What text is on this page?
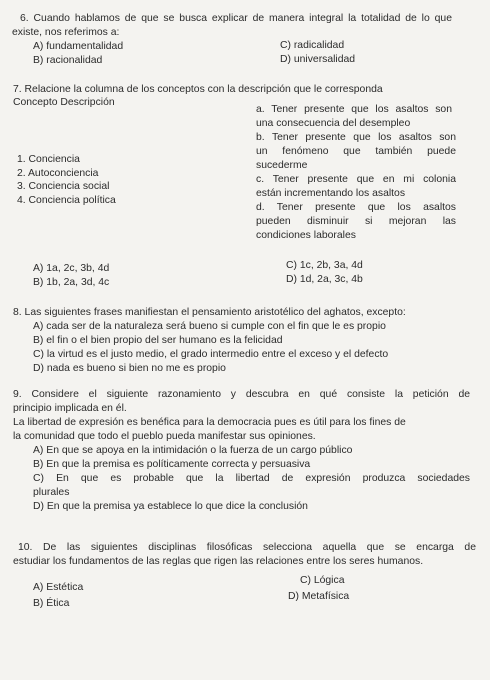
6. Cuando hablamos de que se busca explicar de manera integral la totalidad de lo que
existe, nos referimos a:
A) fundamentalidad
B) racionalidad
C) radicalidad
D) universalidad
7. Relacione la columna de los conceptos con la descripción que le corresponda
Concepto Descripción
1. Conciencia
2. Autoconciencia
3. Conciencia social
4. Conciencia política
a. Tener presente que los asaltos son
una consecuencia del desempleo
b. Tener presente que los asaltos son
un fenómeno que también puede
sucederme
c. Tener presente que en mi colonia
están incrementando los asaltos
d. Tener presente que los asaltos
pueden disminuir si mejoran las
condiciones laborales
A) 1a, 2c, 3b, 4d
B) 1b, 2a, 3d, 4c
C) 1c, 2b, 3a, 4d
D) 1d, 2a, 3c, 4b
8. Las siguientes frases manifiestan el pensamiento aristotélico del aghatos, excepto:
A) cada ser de la naturaleza será bueno si cumple con el fin que le es propio
B) el fin o el bien propio del ser humano es la felicidad
C) la virtud es el justo medio, el grado intermedio entre el exceso y el defecto
D) nada es bueno si bien no me es propio
9. Considere el siguiente razonamiento y descubra en qué consiste la petición de
principio implicada en él.
La libertad de expresión es benéfica para la democracia pues es útil para los fines de
la comunidad que todo el pueblo pueda manifestar sus opiniones.
A) En que se apoya en la intimidación o la fuerza de un cargo público
B) En que la premisa es políticamente correcta y persuasiva
C) En que es probable que la libertad de expresión produzca sociedades
plurales
D) En que la premisa ya establece lo que dice la conclusión
10. De las siguientes disciplinas filosóficas selecciona aquella que se encarga de
estudiar los fundamentos de las reglas que rigen las relaciones entre los seres humanos.
A) Estética
B) Ética
C) Lógica
D) Metafísica
